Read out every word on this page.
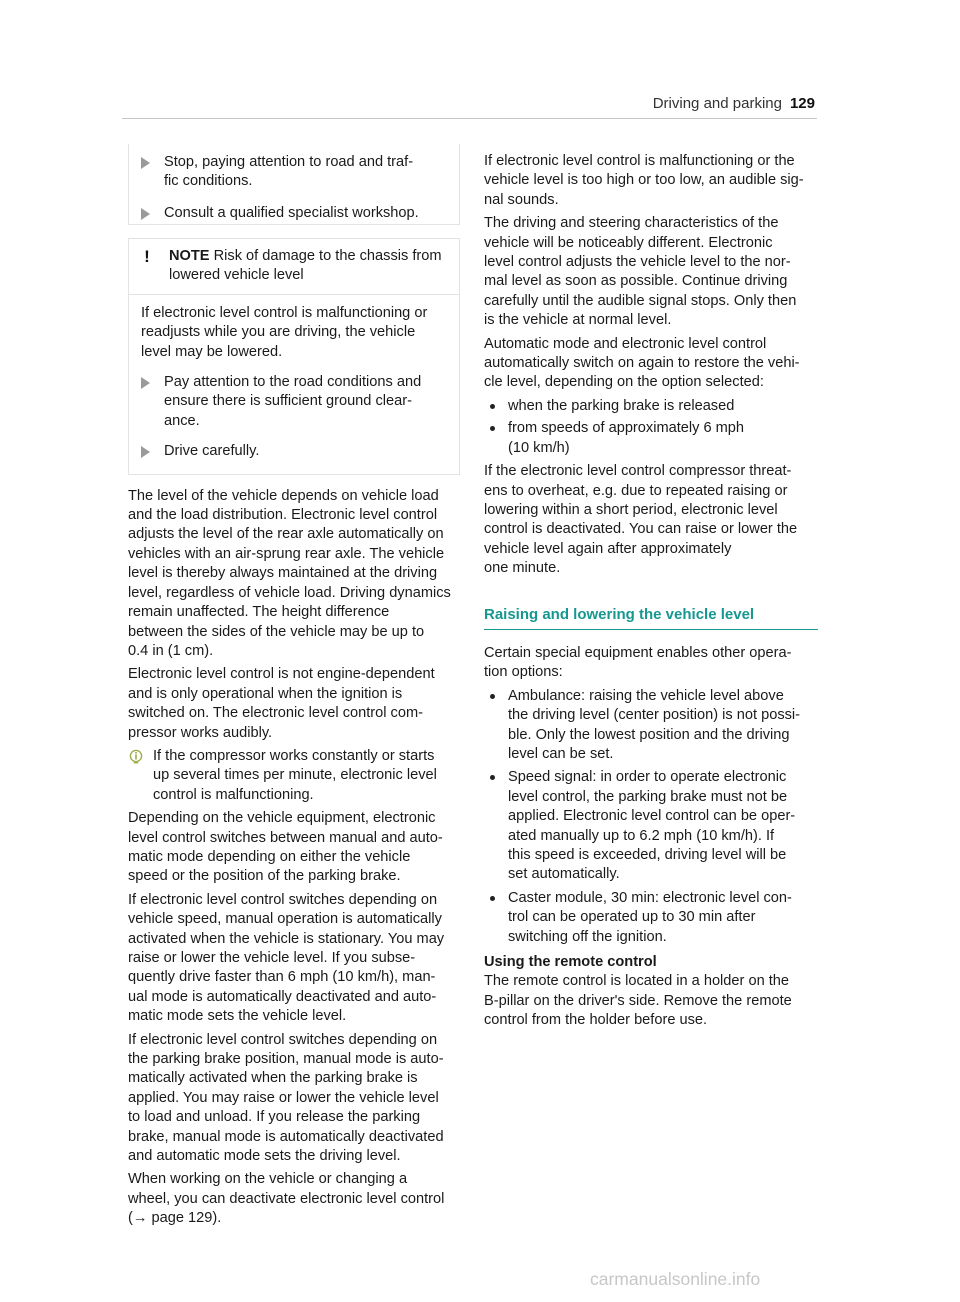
Driving and parking 129
Stop, paying attention to road and traf-
fic conditions.
Consult a qualified specialist workshop.
! NOTE Risk of damage to the chassis from
lowered vehicle level

If electronic level control is malfunctioning or
readjusts while you are driving, the vehicle
level may be lowered.

Pay attention to the road conditions and
ensure there is sufficient ground clear-
ance.
Drive carefully.

The level of the vehicle depends on vehicle load
and the load distribution. Electronic level control
adjusts the level of the rear axle automatically on
vehicles with an air-sprung rear axle. The vehicle
level is thereby always maintained at the driving
level, regardless of vehicle load. Driving dynamics
remain unaffected. The height difference
between the sides of the vehicle may be up to
0.4 in (1 cm).

Electronic level control is not engine-dependent
and is only operational when the ignition is
switched on. The electronic level control com-
pressor works audibly.

If the compressor works constantly or starts
up several times per minute, electronic level
control is malfunctioning.

Depending on the vehicle equipment, electronic
level control switches between manual and auto-
matic mode depending on either the vehicle
speed or the position of the parking brake.

If electronic level control switches depending on
vehicle speed, manual operation is automatically
activated when the vehicle is stationary. You may
raise or lower the vehicle level. If you subse-
quently drive faster than 6 mph (10 km/h), man-
ual mode is automatically deactivated and auto-
matic mode sets the vehicle level.

If electronic level control switches depending on
the parking brake position, manual mode is auto-
matically activated when the parking brake is
applied. You may raise or lower the vehicle level
to load and unload. If you release the parking
brake, manual mode is automatically deactivated
and automatic mode sets the driving level.

When working on the vehicle or changing a
wheel, you can deactivate electronic level control
(→ page 129).

If electronic level control is malfunctioning or the
vehicle level is too high or too low, an audible sig-
nal sounds.

The driving and steering characteristics of the
vehicle will be noticeably different. Electronic
level control adjusts the vehicle level to the nor-
mal level as soon as possible. Continue driving
carefully until the audible signal stops. Only then
is the vehicle at normal level.

Automatic mode and electronic level control
automatically switch on again to restore the vehi-
cle level, depending on the option selected:

when the parking brake is released
from speeds of approximately 6 mph
(10 km/h)

If the electronic level control compressor threat-
ens to overheat, e.g. due to repeated raising or
lowering within a short period, electronic level
control is deactivated. You can raise or lower the
vehicle level again after approximately
one minute.

Raising and lowering the vehicle level

Certain special equipment enables other opera-
tion options:

Ambulance: raising the vehicle level above
the driving level (center position) is not possi-
ble. Only the lowest position and the driving
level can be set.
Speed signal: in order to operate electronic
level control, the parking brake must not be
applied. Electronic level control can be oper-
ated manually up to 6.2 mph (10 km/h). If
this speed is exceeded, driving level will be
set automatically.
Caster module, 30 min: electronic level con-
trol can be operated up to 30 min after
switching off the ignition.

Using the remote control

The remote control is located in a holder on the
B-pillar on the driver's side. Remove the remote
control from the holder before use.

carmanualsonline.info
